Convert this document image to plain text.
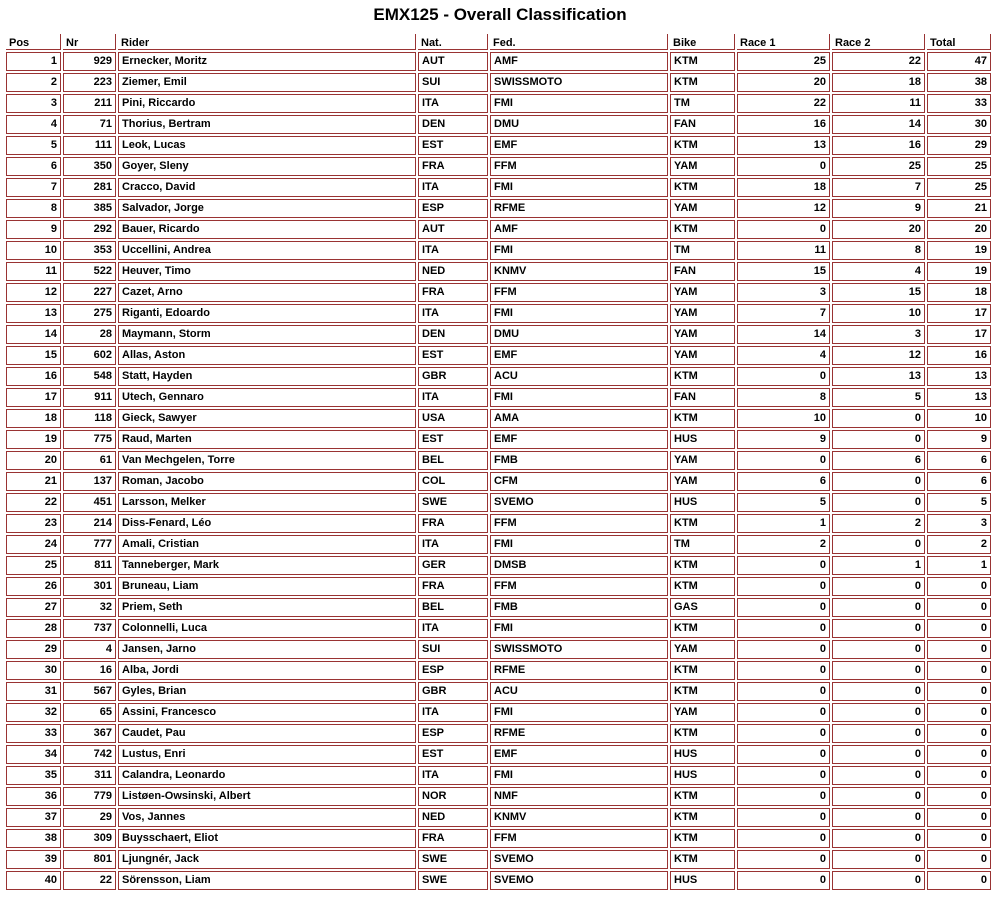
EMX125 - Overall Classification
Pos	Nr	Rider	Nat.	Fed.	Bike	Race 1	Race 2	Total
1	929	Ernecker, Moritz	AUT	AMF	KTM	25	22	47
2	223	Ziemer, Emil	SUI	SWISSMOTO	KTM	20	18	38
3	211	Pini, Riccardo	ITA	FMI	TM	22	11	33
4	71	Thorius, Bertram	DEN	DMU	FAN	16	14	30
5	111	Leok, Lucas	EST	EMF	KTM	13	16	29
6	350	Goyer, Sleny	FRA	FFM	YAM	0	25	25
7	281	Cracco, David	ITA	FMI	KTM	18	7	25
8	385	Salvador, Jorge	ESP	RFME	YAM	12	9	21
9	292	Bauer, Ricardo	AUT	AMF	KTM	0	20	20
10	353	Uccellini, Andrea	ITA	FMI	TM	11	8	19
11	522	Heuver, Timo	NED	KNMV	FAN	15	4	19
12	227	Cazet, Arno	FRA	FFM	YAM	3	15	18
13	275	Riganti, Edoardo	ITA	FMI	YAM	7	10	17
14	28	Maymann, Storm	DEN	DMU	YAM	14	3	17
15	602	Allas, Aston	EST	EMF	YAM	4	12	16
16	548	Statt, Hayden	GBR	ACU	KTM	0	13	13
17	911	Utech, Gennaro	ITA	FMI	FAN	8	5	13
18	118	Gieck, Sawyer	USA	AMA	KTM	10	0	10
19	775	Raud, Marten	EST	EMF	HUS	9	0	9
20	61	Van Mechgelen, Torre	BEL	FMB	YAM	0	6	6
21	137	Roman, Jacobo	COL	CFM	YAM	6	0	6
22	451	Larsson, Melker	SWE	SVEMO	HUS	5	0	5
23	214	Diss-Fenard, Léo	FRA	FFM	KTM	1	2	3
24	777	Amali, Cristian	ITA	FMI	TM	2	0	2
25	811	Tanneberger, Mark	GER	DMSB	KTM	0	1	1
26	301	Bruneau, Liam	FRA	FFM	KTM	0	0	0
27	32	Priem, Seth	BEL	FMB	GAS	0	0	0
28	737	Colonnelli, Luca	ITA	FMI	KTM	0	0	0
29	4	Jansen, Jarno	SUI	SWISSMOTO	YAM	0	0	0
30	16	Alba, Jordi	ESP	RFME	KTM	0	0	0
31	567	Gyles, Brian	GBR	ACU	KTM	0	0	0
32	65	Assini, Francesco	ITA	FMI	YAM	0	0	0
33	367	Caudet, Pau	ESP	RFME	KTM	0	0	0
34	742	Lustus, Enri	EST	EMF	HUS	0	0	0
35	311	Calandra, Leonardo	ITA	FMI	HUS	0	0	0
36	779	Listøen-Owsinski, Albert	NOR	NMF	KTM	0	0	0
37	29	Vos, Jannes	NED	KNMV	KTM	0	0	0
38	309	Buysschaert, Eliot	FRA	FFM	KTM	0	0	0
39	801	Ljungnér, Jack	SWE	SVEMO	KTM	0	0	0
40	22	Sörensson, Liam	SWE	SVEMO	HUS	0	0	0
